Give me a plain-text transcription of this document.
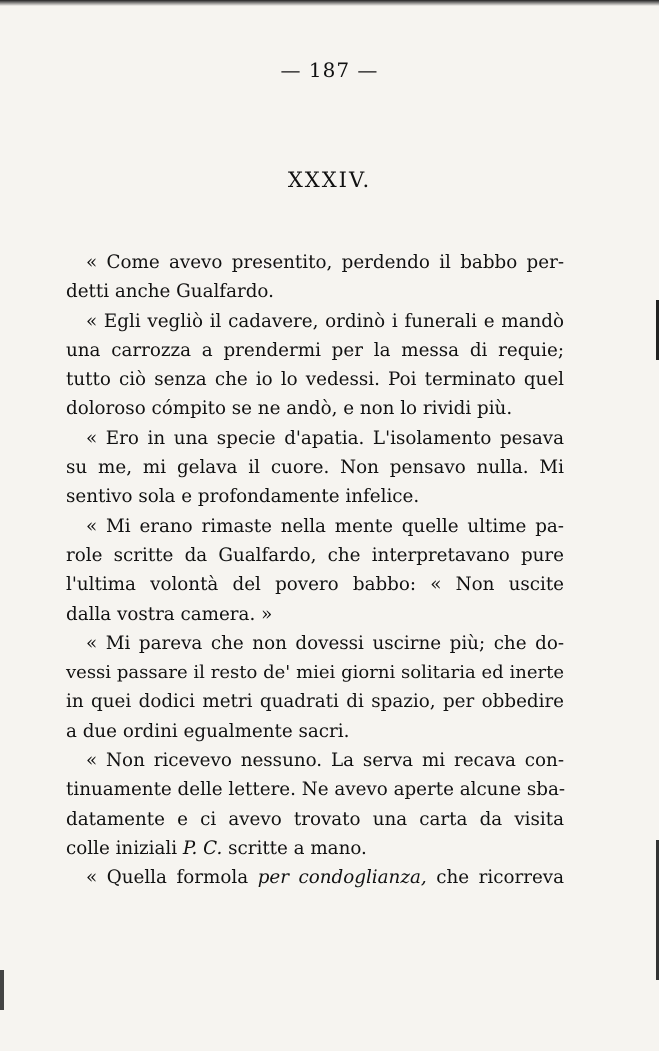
— 187 —
XXXIV.
« Come avevo presentito, perdendo il babbo per-
detti anche Gualfardo.
« Egli vegliò il cadavere, ordinò i funerali e mandò
una carrozza a prendermi per la messa di requie;
tutto ciò senza che io lo vedessi. Poi terminato quel
doloroso cómpito se ne andò, e non lo rividi più.
« Ero in una specie d'apatia. L'isolamento pesava
su me, mi gelava il cuore. Non pensavo nulla. Mi
sentivo sola e profondamente infelice.
« Mi erano rimaste nella mente quelle ultime pa-
role scritte da Gualfardo, che interpretavano pure
l'ultima volontà del povero babbo: « Non uscite
dalla vostra camera. »
« Mi pareva che non dovessi uscirne più; che do-
vessi passare il resto de' miei giorni solitaria ed inerte
in quei dodici metri quadrati di spazio, per obbedire
a due ordini egualmente sacri.
« Non ricevevo nessuno. La serva mi recava con-
tinuamente delle lettere. Ne avevo aperte alcune sba-
datamente e ci avevo trovato una carta da visita
colle iniziali P. C. scritte a mano.
« Quella formola per condoglianza, che ricorreva
